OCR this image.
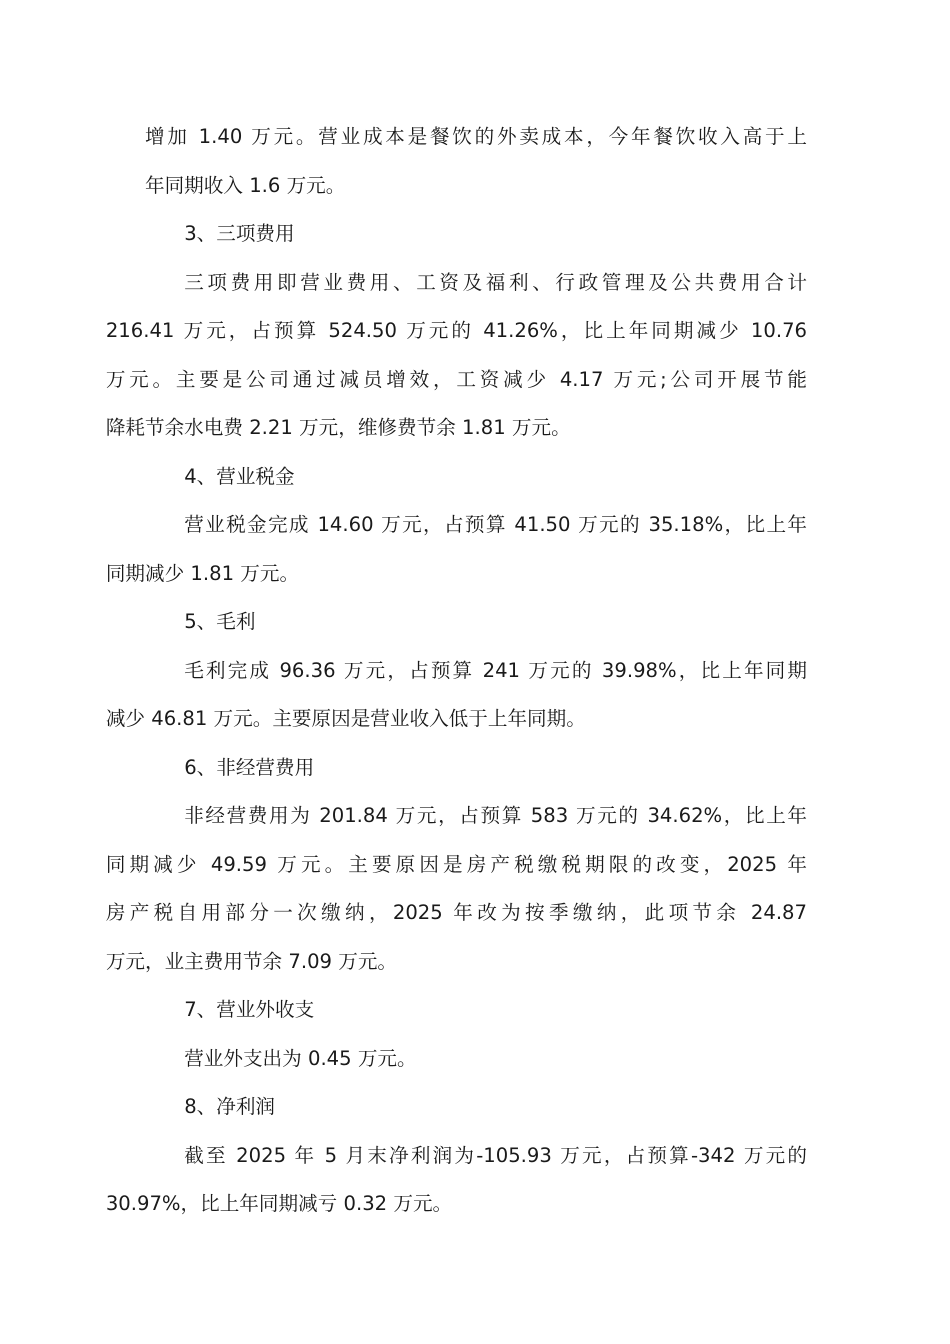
增加 1.40 万元。营业成本是餐饮的外卖成本，今年餐饮收入高于上
年同期收入 1.6 万元。

3、三项费用

三项费用即营业费用、工资及福利、行政管理及公共费用合计
216.41 万元，占预算 524.50 万元的 41.26%，比上年同期减少 10.76
万元。主要是公司通过减员增效，工资减少 4.17 万元;公司开展节能
降耗节余水电费 2.21 万元，维修费节余 1.81 万元。

4、营业税金

营业税金完成 14.60 万元，占预算 41.50 万元的 35.18%，比上年
同期减少 1.81 万元。

5、毛利

毛利完成 96.36 万元，占预算 241 万元的 39.98%，比上年同期
减少 46.81 万元。主要原因是营业收入低于上年同期。

6、非经营费用

非经营费用为 201.84 万元，占预算 583 万元的 34.62%，比上年
同期减少 49.59 万元。主要原因是房产税缴税期限的改变，2025 年
房产税自用部分一次缴纳，2025 年改为按季缴纳，此项节余 24.87
万元，业主费用节余 7.09 万元。

7、营业外收支

营业外支出为 0.45 万元。

8、净利润

截至 2025 年 5 月末净利润为-105.93 万元，占预算-342 万元的
30.97%，比上年同期减亏 0.32 万元。
